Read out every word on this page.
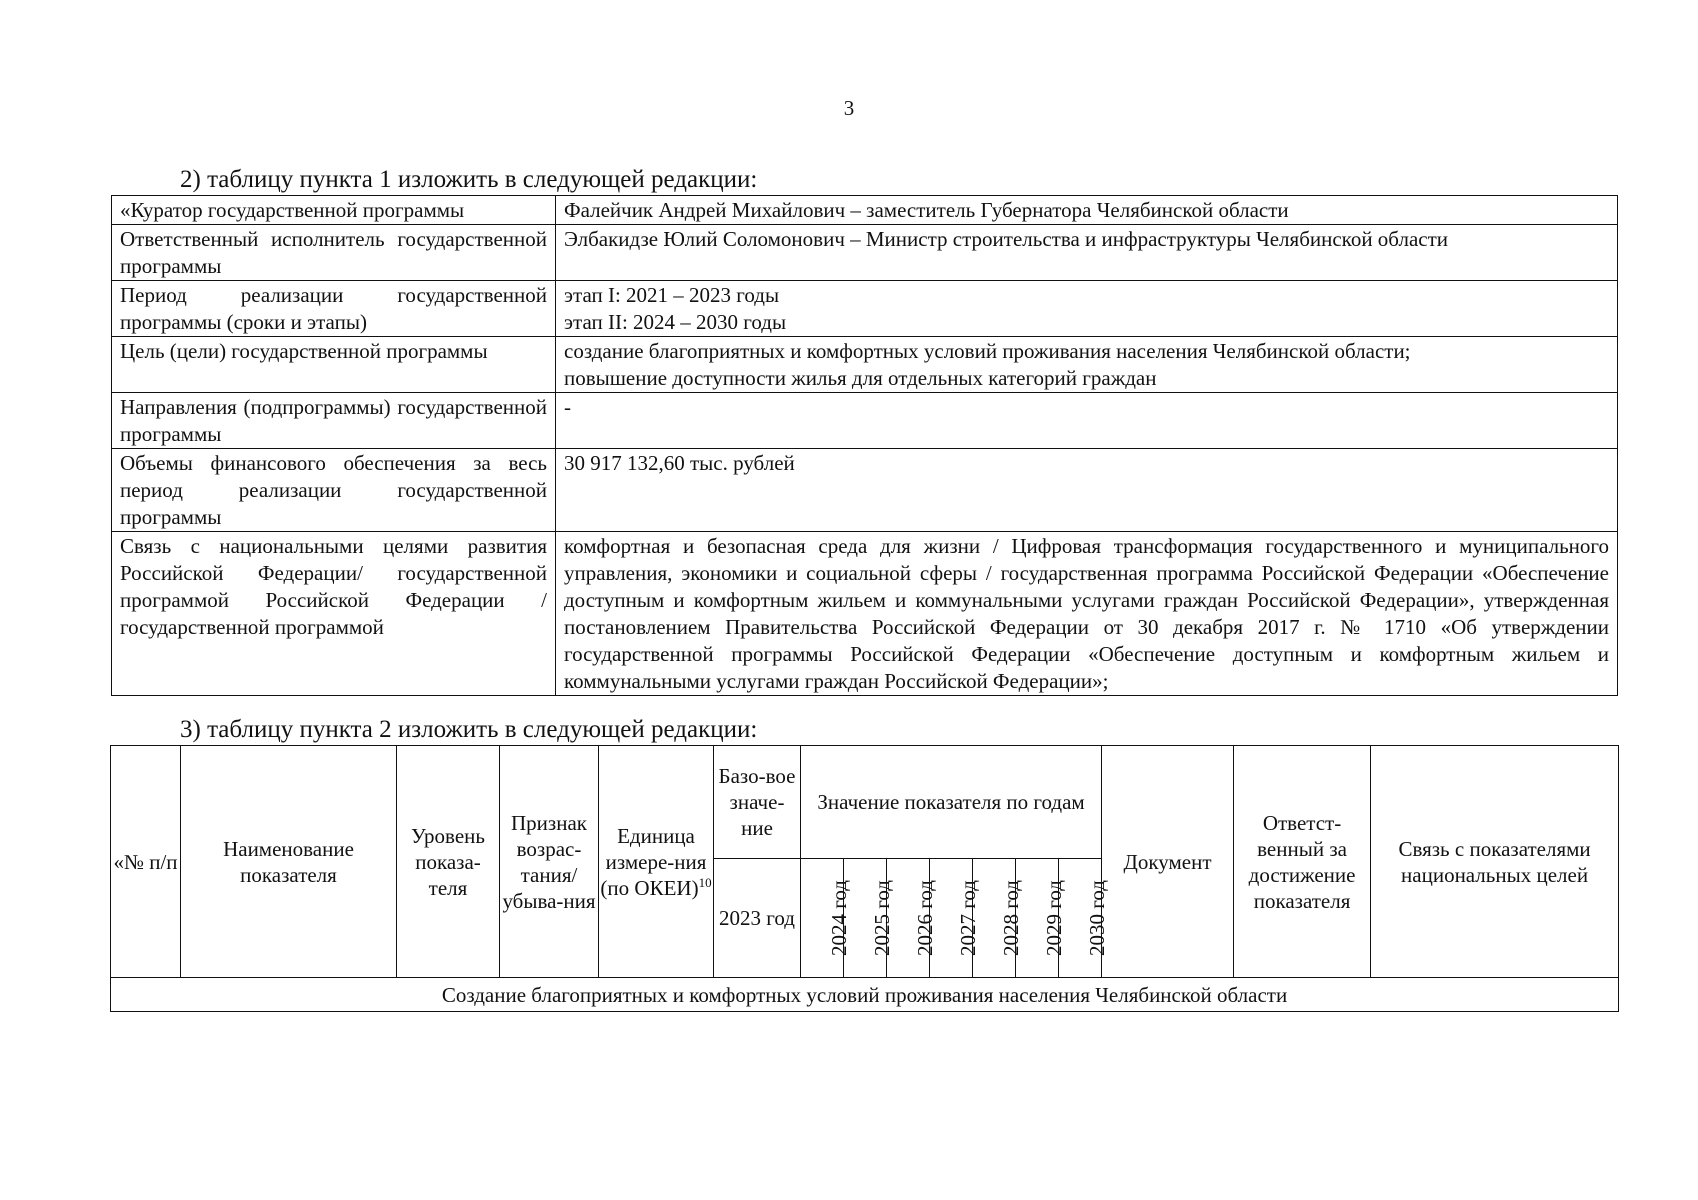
3
2) таблицу пункта 1 изложить в следующей редакции:
«Куратор государственной программы	Фалейчик Андрей Михайлович – заместитель Губернатора Челябинской области

Ответственный исполнитель государственной программы	Элбакидзе Юлий Соломонович – Министр строительства и инфраструктуры Челябинской области

Период реализации государственной программы (сроки и этапы)	этап I: 2021 – 2023 годы
этап II: 2024 – 2030 годы

Цель (цели) государственной программы	создание благоприятных и комфортных условий проживания населения Челябинской области;
повышение доступности жилья для отдельных категорий граждан

Направления (подпрограммы) государственной программы	-

Объемы финансового обеспечения за весь период реализации государственной программы	30 917 132,60 тыс. рублей

Связь с национальными целями развития Российской Федерации/ государственной программой Российской Федерации / государственной программой	комфортная и безопасная среда для жизни / Цифровая трансформация государственного и муниципального управления, экономики и социальной сферы / государственная программа Российской Федерации «Обеспечение доступным и комфортным жильем и коммунальными услугами граждан Российской Федерации», утвержденная постановлением Правительства Российской Федерации от 30 декабря 2017 г. № 1710 «Об утверждении государственной программы Российской Федерации «Обеспечение доступным и комфортным жильем и коммунальными услугами граждан Российской Федерации»;
3) таблицу пункта 2 изложить в следующей редакции:
«№ п/п	Наименование показателя	Уровень показа-теля	Признак возрас-тания/ убыва-ния	Единица измере-ния (по ОКЕИ)$^{10}$	Базо-вое значе-ние	Значение показателя по годам							Документ	Ответст-венный за достижение показателя	Связь с показателями национальных целей
					2023 год	2024 год	2025 год	2026 год	2027 год	2028 год	2029 год	2030 год			
Создание благоприятных и комфортных условий проживания населения Челябинской области															
